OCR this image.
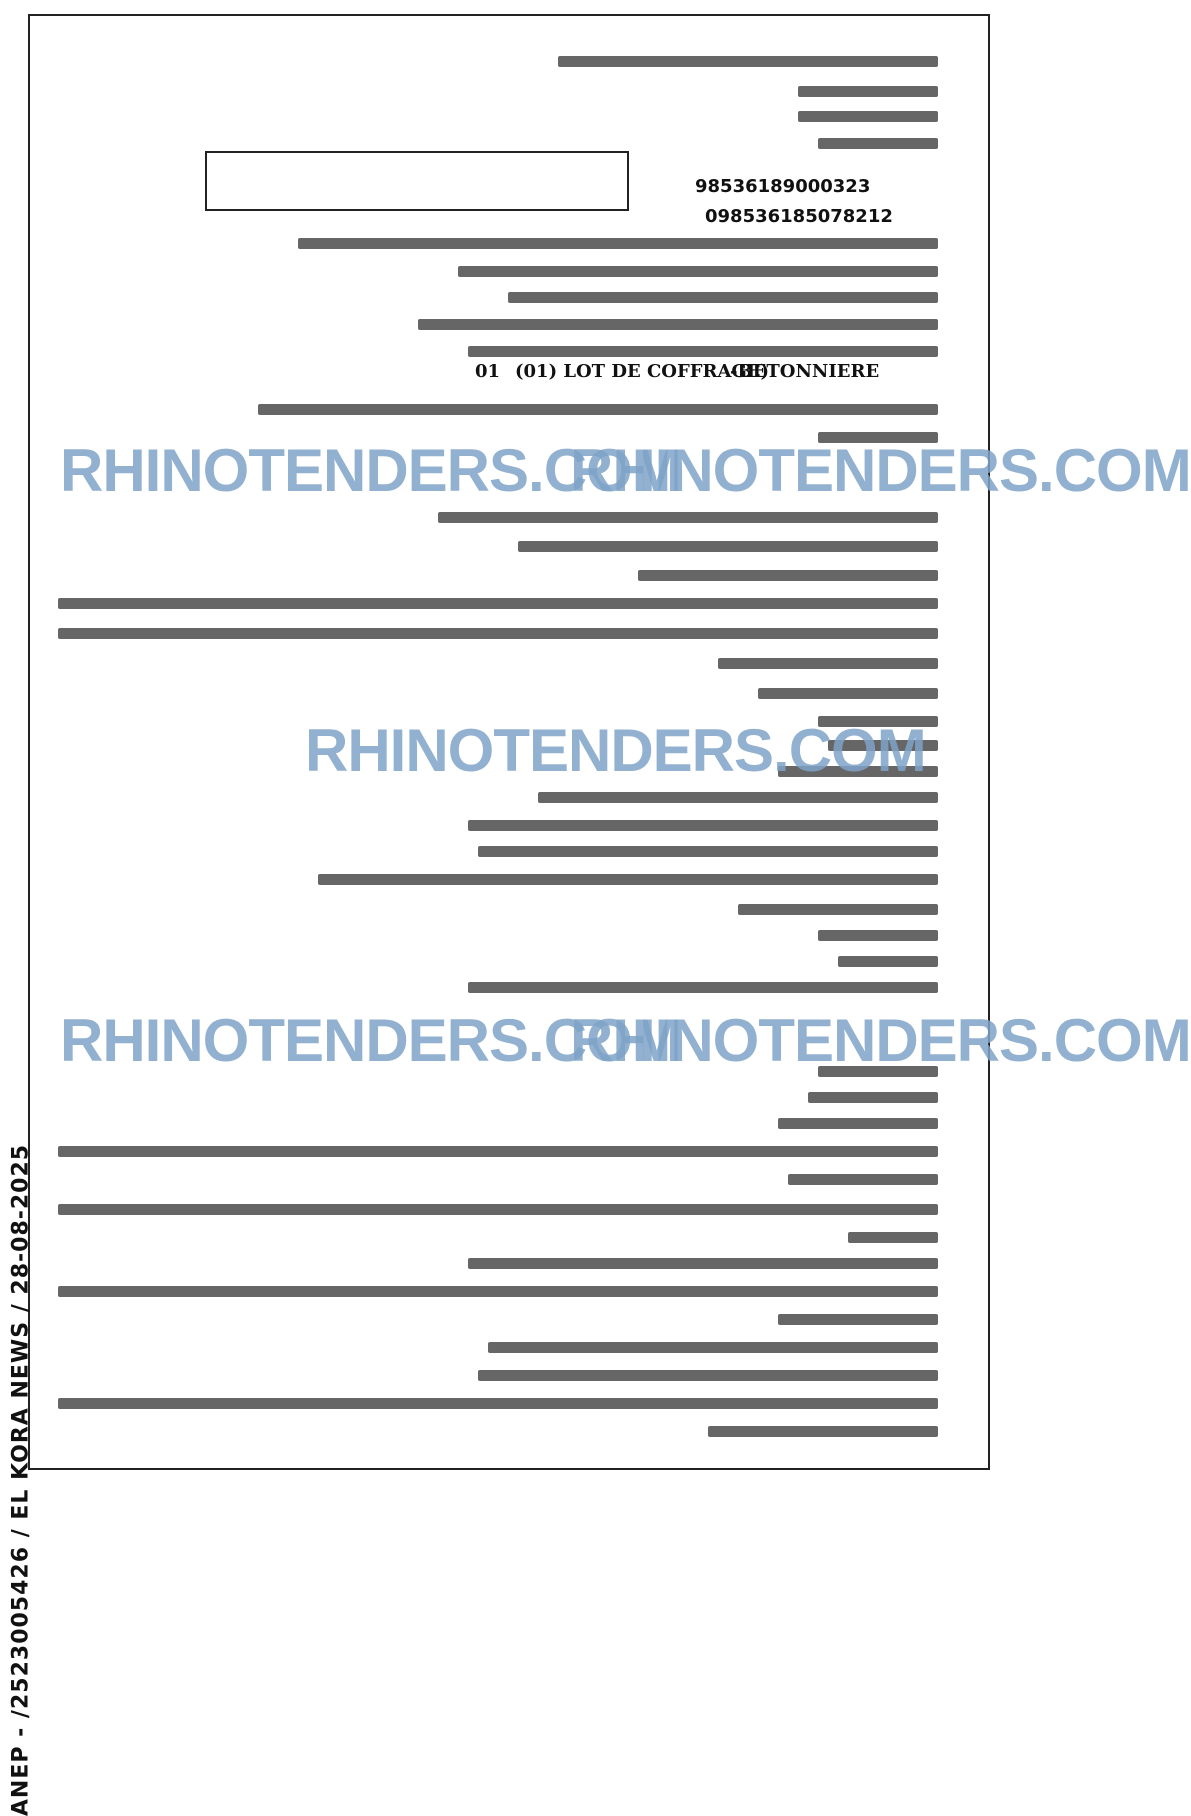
98536189000323
098536185078212
(01) LOT DE COFFRAGE)
-BETONNIERE
01
RHINOTENDERS.COM
RHINOTENDERS.COM
RHINOTENDERS.COM
RHINOTENDERS.COM
RHINOTENDERS.COM
ANEP - /2523005426 / EL KORA NEWS / 28-08-2025
